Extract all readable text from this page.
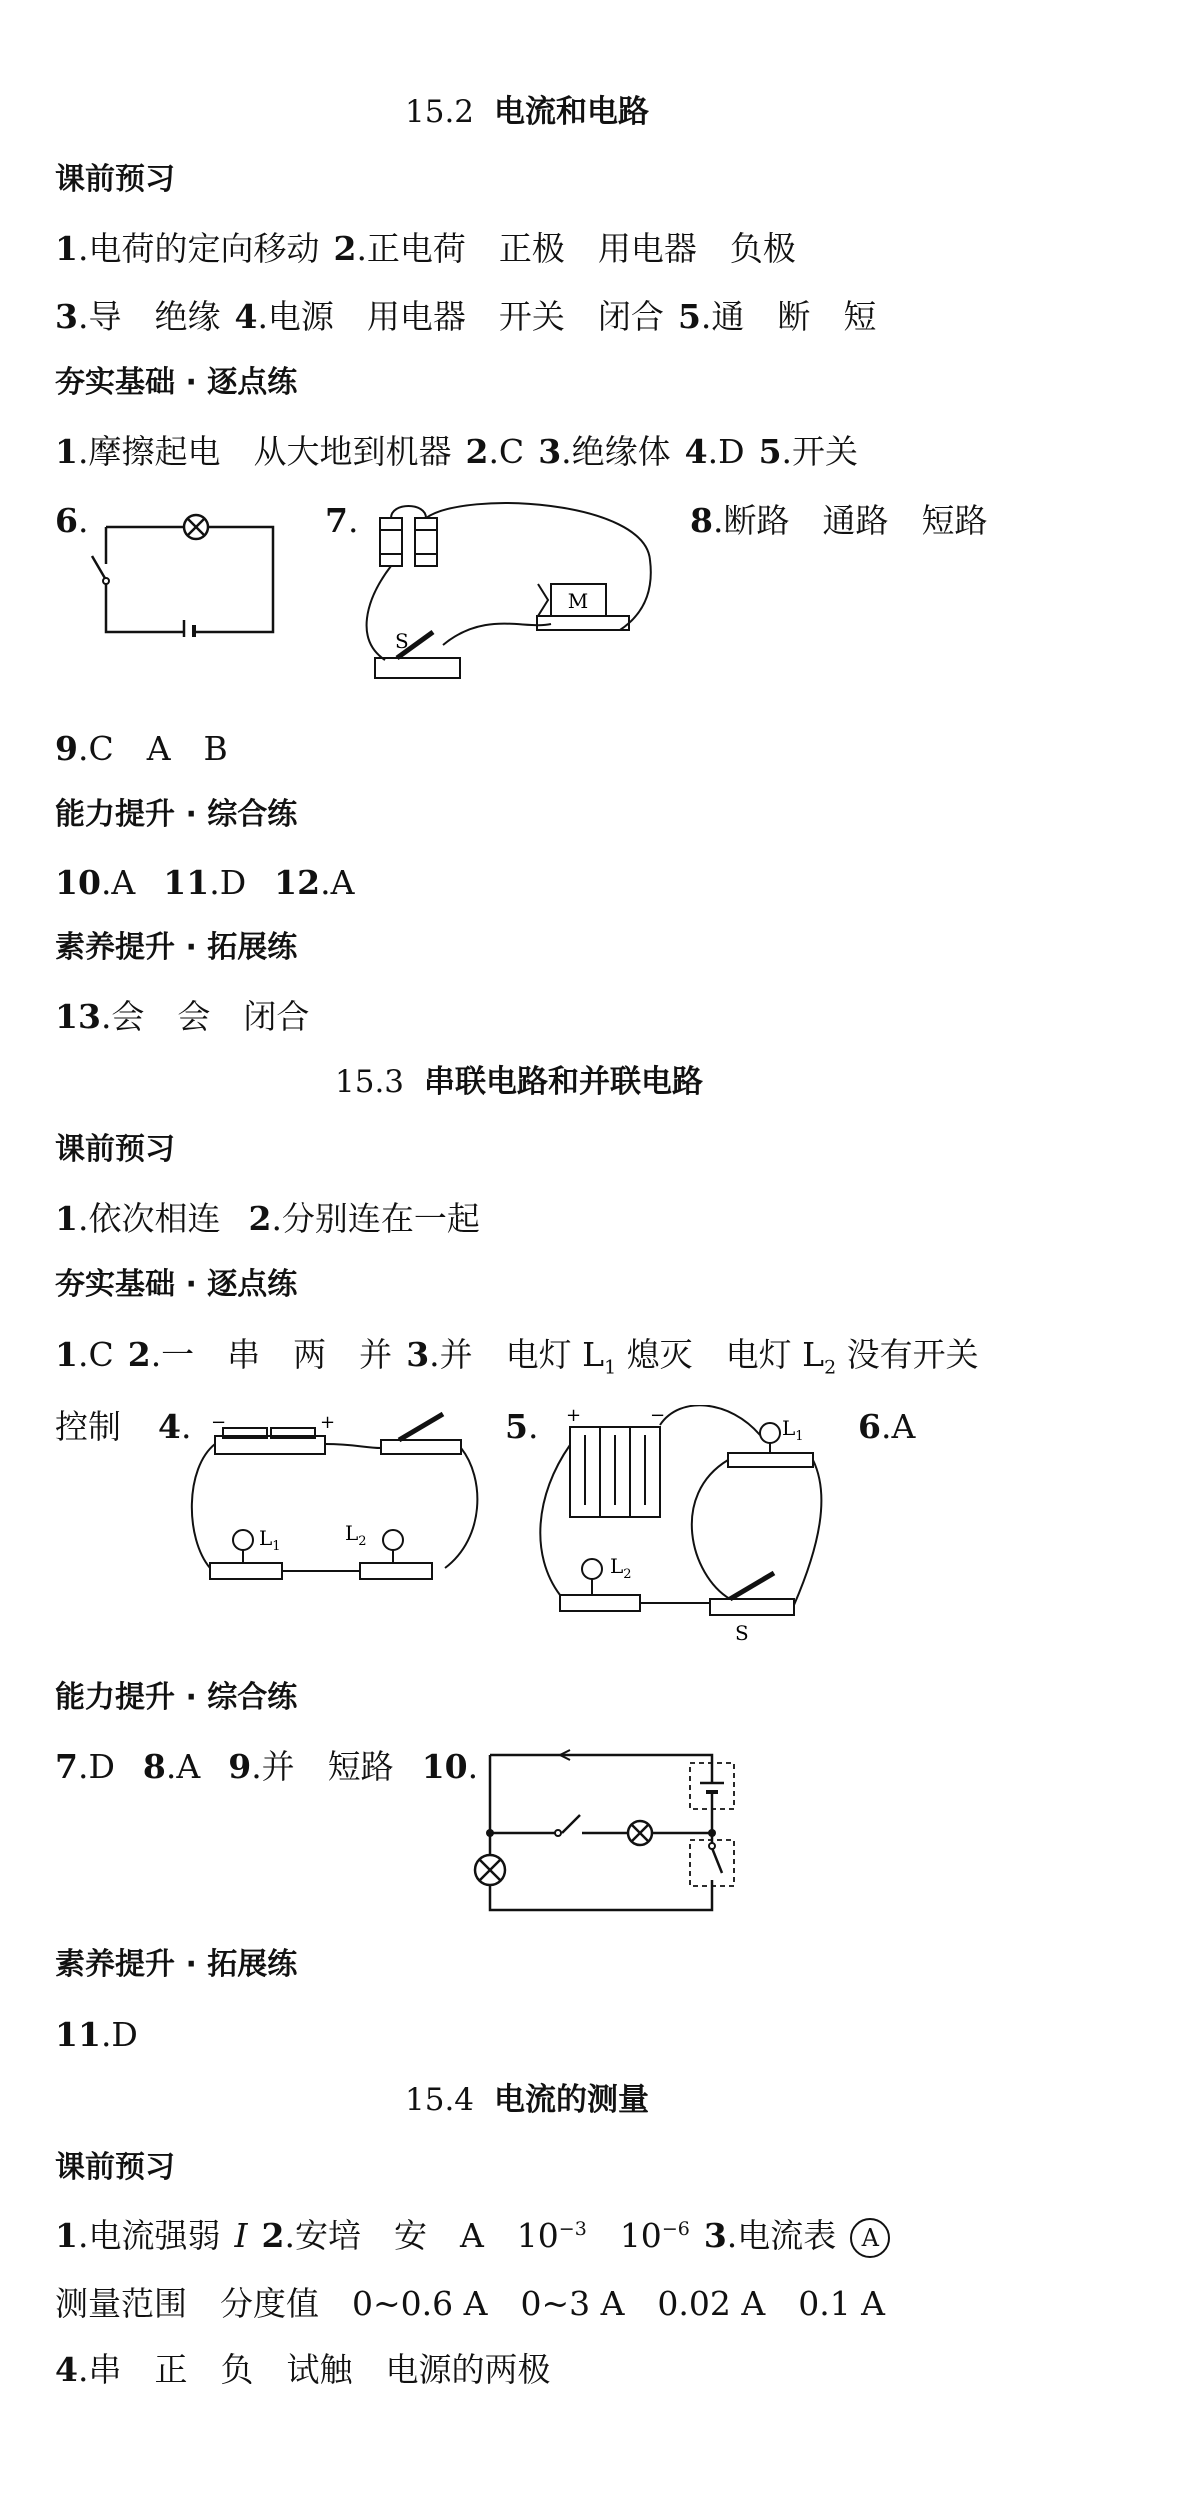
15.2 电流和电路
课前预习
1.电荷的定向移动 2.正电荷　正极　用电器　负极
3.导　绝缘 4.电源　用电器　开关　闭合 5.通　断　短
夯实基础 · 逐点练
1.摩擦起电　从大地到机器 2.C 3.绝缘体 4.D 5.开关
6.	7.
M
S
8.断路　通路　短路
9.C　A　B
能力提升 · 综合练
10.A 11.D 12.A
素养提升 · 拓展练
13.会　会　闭合
15.3 串联电路和并联电路
课前预习
1.依次相连 2.分别连在一起
夯实基础 · 逐点练
1.C 2.一　串　两　并 3.并　电灯 $L_1$ 熄灭　电灯 $L_2$ 没有开关
控制 4. −	+
$L_1$
$L_2$
5. +	−
$L_1$
$L_2$
S
6.A
能力提升 · 综合练
7.D 8.A 9.并　短路 10.
素养提升 · 拓展练
11.D
15.4 电流的测量
课前预习
1.电流强弱 I 2.安培　安　A　$10^{-3}$　$10^{-6}$ 3.电流表 A
测量范围　分度值　0~0.6 A　0~3 A　0.02 A　0.1 A
4.串　正　负　试触　电源的两极
